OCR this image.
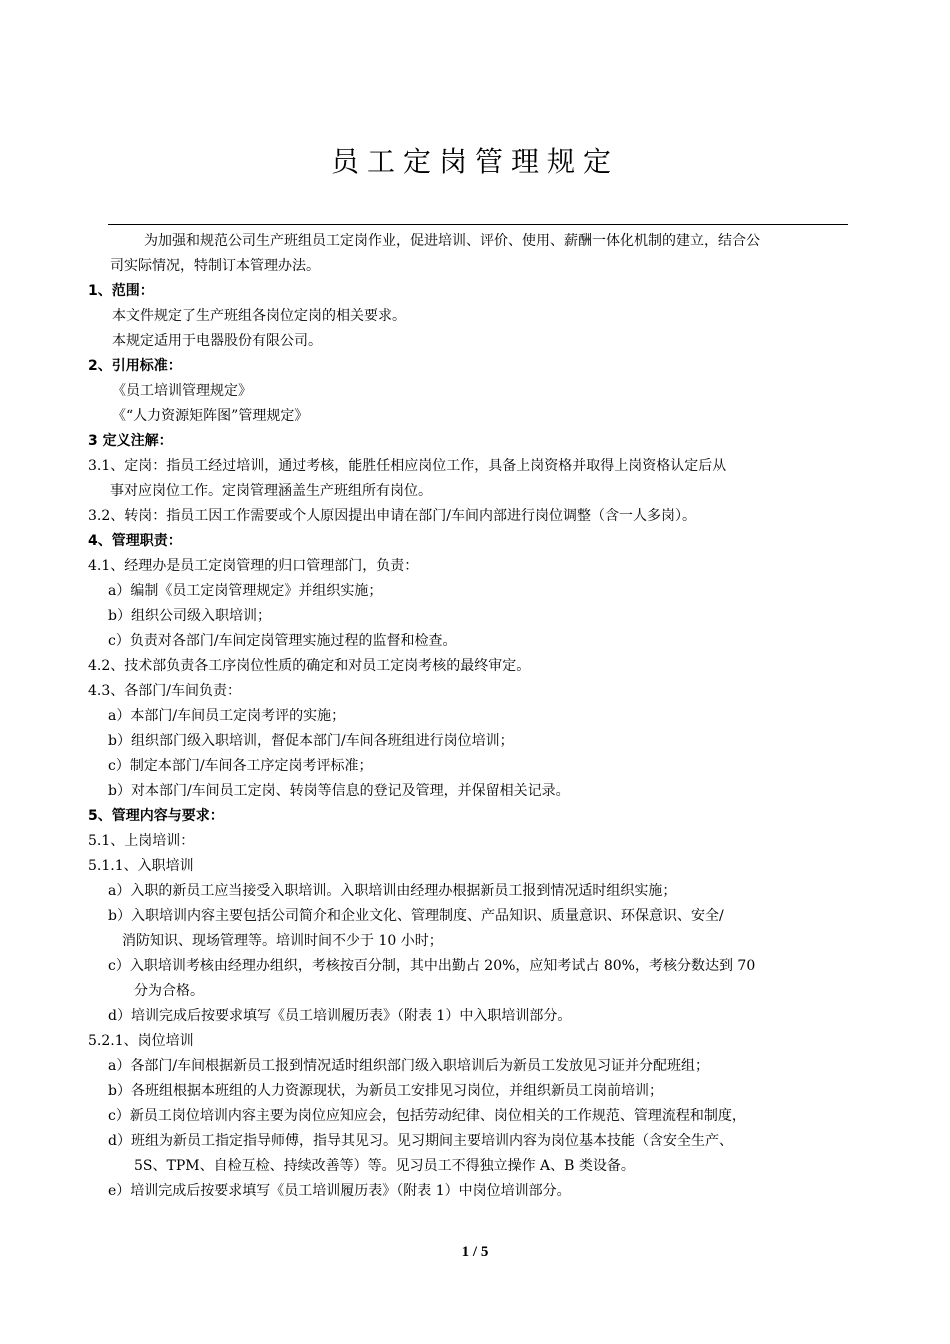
员工定岗管理规定
为加强和规范公司生产班组员工定岗作业，促进培训、评价、使用、薪酬一体化机制的建立，结合公
司实际情况，特制订本管理办法。
1、范围：
本文件规定了生产班组各岗位定岗的相关要求。
本规定适用于电器股份有限公司。
2、引用标准：
《员工培训管理规定》
《“人力资源矩阵图”管理规定》
3 定义注解：
3.1、定岗：指员工经过培训，通过考核，能胜任相应岗位工作，具备上岗资格并取得上岗资格认定后从
事对应岗位工作。定岗管理涵盖生产班组所有岗位。
3.2、转岗：指员工因工作需要或个人原因提出申请在部门/车间内部进行岗位调整（含一人多岗）。
4、管理职责：
4.1、经理办是员工定岗管理的归口管理部门，负责：
a）编制《员工定岗管理规定》并组织实施；
b）组织公司级入职培训；
c）负责对各部门/车间定岗管理实施过程的监督和检查。
4.2、技术部负责各工序岗位性质的确定和对员工定岗考核的最终审定。
4.3、各部门/车间负责：
a）本部门/车间员工定岗考评的实施；
b）组织部门级入职培训，督促本部门/车间各班组进行岗位培训；
c）制定本部门/车间各工序定岗考评标准；
b）对本部门/车间员工定岗、转岗等信息的登记及管理，并保留相关记录。
5、管理内容与要求：
5.1、上岗培训：
5.1.1、入职培训
a）入职的新员工应当接受入职培训。入职培训由经理办根据新员工报到情况适时组织实施；
b）入职培训内容主要包括公司简介和企业文化、管理制度、产品知识、质量意识、环保意识、安全/
消防知识、现场管理等。培训时间不少于 10 小时；
c）入职培训考核由经理办组织，考核按百分制，其中出勤占 20%，应知考试占 80%，考核分数达到 70
分为合格。
d）培训完成后按要求填写《员工培训履历表》（附表 1）中入职培训部分。
5.2.1、岗位培训
a）各部门/车间根据新员工报到情况适时组织部门级入职培训后为新员工发放见习证并分配班组；
b）各班组根据本班组的人力资源现状，为新员工安排见习岗位，并组织新员工岗前培训；
c）新员工岗位培训内容主要为岗位应知应会，包括劳动纪律、岗位相关的工作规范、管理流程和制度，
d）班组为新员工指定指导师傅，指导其见习。见习期间主要培训内容为岗位基本技能（含安全生产、
5S、TPM、自检互检、持续改善等）等。见习员工不得独立操作 A、B 类设备。
e）培训完成后按要求填写《员工培训履历表》（附表 1）中岗位培训部分。
1 / 5
